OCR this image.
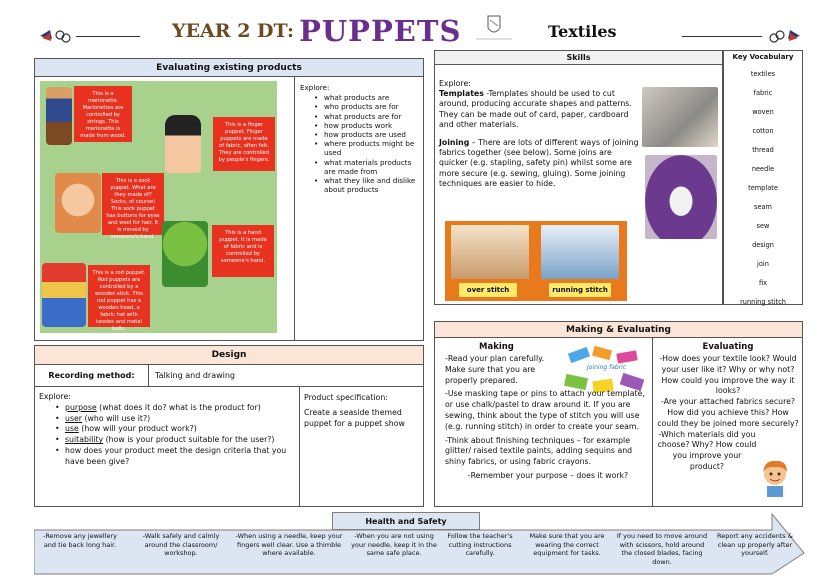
YEAR 2 DT: PUPPETS	Textiles
Evaluating existing products
This is a marionette. Marionettes are controlled by strings. This marionette is made from wood.
This is a finger puppet. Finger puppets are made of fabric, often felt. They are controlled by people's fingers.
This is a sock puppet. What are they made of? Socks, of course! This sock puppet has buttons for eyes and wool for hair. It is moved by someone's hand.
This is a hand puppet. It is made of fabric and is controlled by someone's hand.
This is a rod puppet. Rod puppets are controlled by a wooden stick. This rod puppet has a wooden head, a fabric hat with tassles and metal bells.
Explore:
• what products are
• who products are for
• what products are for
• how products work
• how products are used
• where products might be used
• what materials products are made from
• what they like and dislike about products
Skills
Explore:
Templates -Templates should be used to cut around, producing accurate shapes and patterns. They can be made out of card, paper, cardboard and other materials.
Joining – There are lots of different ways of joining fabrics together (see below). Some joins are quicker (e.g. stapling, safety pin) whilst some are more secure (e.g. sewing, gluing). Some joining techniques are easier to hide.
over stitch	running stitch
Key Vocabulary
textiles
fabric
woven
cotton
thread
needle
template
seam
sew
design
join
fix
running stitch
Design
Recording method:	Talking and drawing
Explore:
• purpose (what does it do? what is the product for)
• user (who will use it?)
• use (how will your product work?)
• suitability (how is your product suitable for the user?)
• how does your product meet the design criteria that you have been give?
Product specification:
Create a seaside themed puppet for a puppet show
Making & Evaluating
Making
Joining fabric

-Read your plan carefully. Make sure that you are properly prepared.

-Use masking tape or pins to attach your template, or use chalk/pastel to draw around it. If you are sewing, think about the type of stitch you will use (e.g. running stitch) in order to create your seam.

-Think about finishing techniques – for example glitter/ raised textile paints, adding sequins and shiny fabrics, or using fabric crayons.

-Remember your purpose – does it work?

Evaluating

-How does your textile look? Would your user like it? Why or why not? How could you improve the way it looks?

-Are your attached fabrics secure? How did you achieve this? How could they be joined more securely?

-Which materials did you choose? Why? How could you improve your product?

Health and Safety
-Remove any jewellery and tie back long hair.
-Walk safely and calmly around the classroom/ workshop.
-When using a needle, keep your fingers well clear. Use a thimble where available.
-When you are not using your needle, keep it in the same safe place.
Follow the teacher's cutting instructions carefully.
Make sure that you are wearing the correct equipment for tasks.
If you need to move around with scissors, hold around the closed blades, facing down.
Report any accidents & clean up properly after yourself.
